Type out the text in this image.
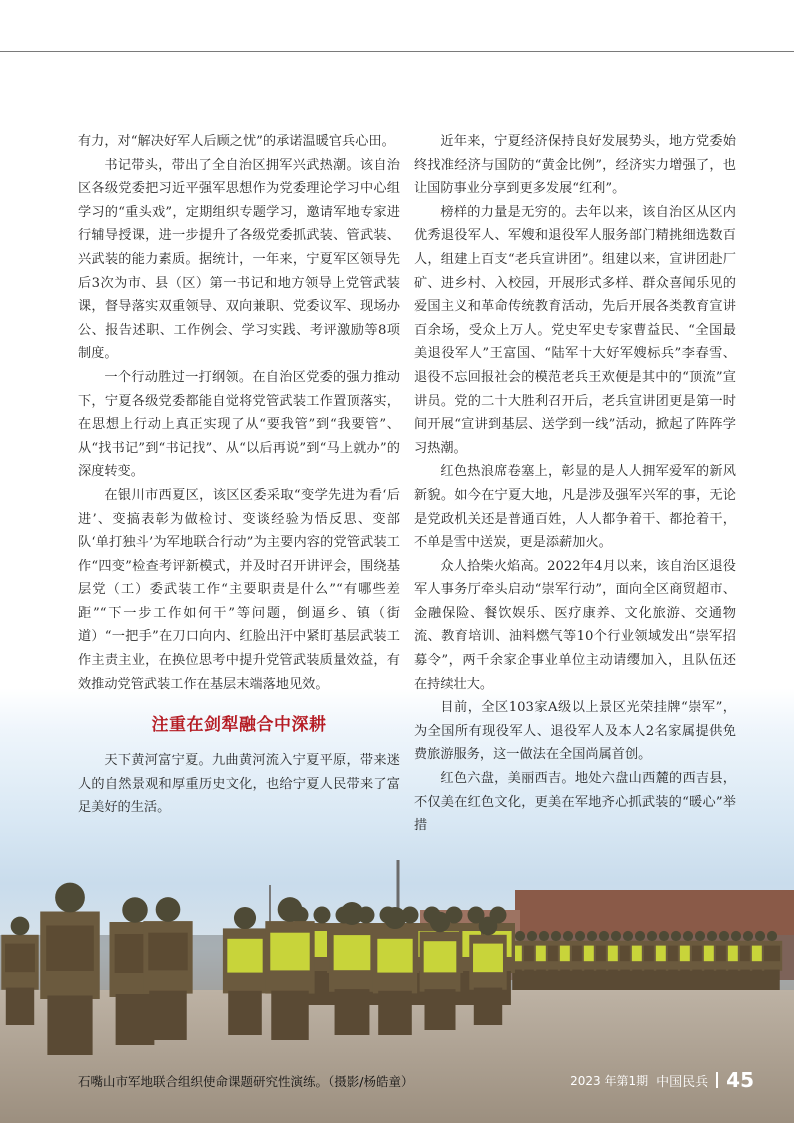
有力，对“解决好军人后顾之忧”的承诺温暖官兵心田。

书记带头，带出了全自治区拥军兴武热潮。该自治区各级党委把习近平强军思想作为党委理论学习中心组学习的“重头戏”，定期组织专题学习，邀请军地专家进行辅导授课，进一步提升了各级党委抓武装、管武装、兴武装的能力素质。据统计，一年来，宁夏军区领导先后3次为市、县（区）第一书记和地方领导上党管武装课，督导落实双重领导、双向兼职、党委议军、现场办公、报告述职、工作例会、学习实践、考评激励等8项制度。

一个行动胜过一打纲领。在自治区党委的强力推动下，宁夏各级党委都能自觉将党管武装工作置顶落实，在思想上行动上真正实现了从“要我管”到“我要管”、从“找书记”到“书记找”、从“以后再说”到“马上就办”的深度转变。

在银川市西夏区，该区区委采取“变学先进为看‘后进’、变搞表彰为做检讨、变谈经验为悟反思、变部队‘单打独斗’为军地联合行动”为主要内容的党管武装工作“四变”检查考评新模式，并及时召开讲评会，围绕基层党（工）委武装工作“主要职责是什么”“有哪些差距”“下一步工作如何干”等问题，倒逼乡、镇（街道）“一把手”在刀口向内、红脸出汗中紧盯基层武装工作主责主业，在换位思考中提升党管武装质量效益，有效推动党管武装工作在基层末端落地见效。

近年来，宁夏经济保持良好发展势头，地方党委始终找准经济与国防的“黄金比例”，经济实力增强了，也让国防事业分享到更多发展“红利”。

榜样的力量是无穷的。去年以来，该自治区从区内优秀退役军人、军嫂和退役军人服务部门精挑细选数百人，组建上百支“老兵宣讲团”。组建以来，宣讲团赴厂矿、进乡村、入校园，开展形式多样、群众喜闻乐见的爱国主义和革命传统教育活动，先后开展各类教育宣讲百余场，受众上万人。党史军史专家曹益民、“全国最美退役军人”王富国、“陆军十大好军嫂标兵”李春雪、退役不忘回报社会的模范老兵王欢便是其中的“顶流”宣讲员。党的二十大胜利召开后，老兵宣讲团更是第一时间开展“宣讲到基层、送学到一线”活动，掀起了阵阵学习热潮。

红色热浪席卷塞上，彰显的是人人拥军爱军的新风新貌。如今在宁夏大地，凡是涉及强军兴军的事，无论是党政机关还是普通百姓，人人都争着干、都抢着干，不单是雪中送炭，更是添薪加火。

众人拾柴火焰高。2022年4月以来，该自治区退役军人事务厅牵头启动“崇军行动”，面向全区商贸超市、金融保险、餐饮娱乐、医疗康养、文化旅游、交通物流、教育培训、油料燃气等10个行业领域发出“崇军招募令”，两千余家企事业单位主动请缨加入，且队伍还在持续壮大。

目前，全区103家A级以上景区光荣挂牌“崇军”，为全国所有现役军人、退役军人及本人2名家属提供免费旅游服务，这一做法在全国尚属首创。

红色六盘，美丽西吉。地处六盘山西麓的西吉县，不仅美在红色文化，更美在军地齐心抓武装的“暖心”举措

注重在剑犁融合中深耕

天下黄河富宁夏。九曲黄河流入宁夏平原，带来迷人的自然景观和厚重历史文化，也给宁夏人民带来了富足美好的生活。

石嘴山市军地联合组织使命课题研究性演练。（摄影/杨皓童）	2023 年第1期 中国民兵 45
